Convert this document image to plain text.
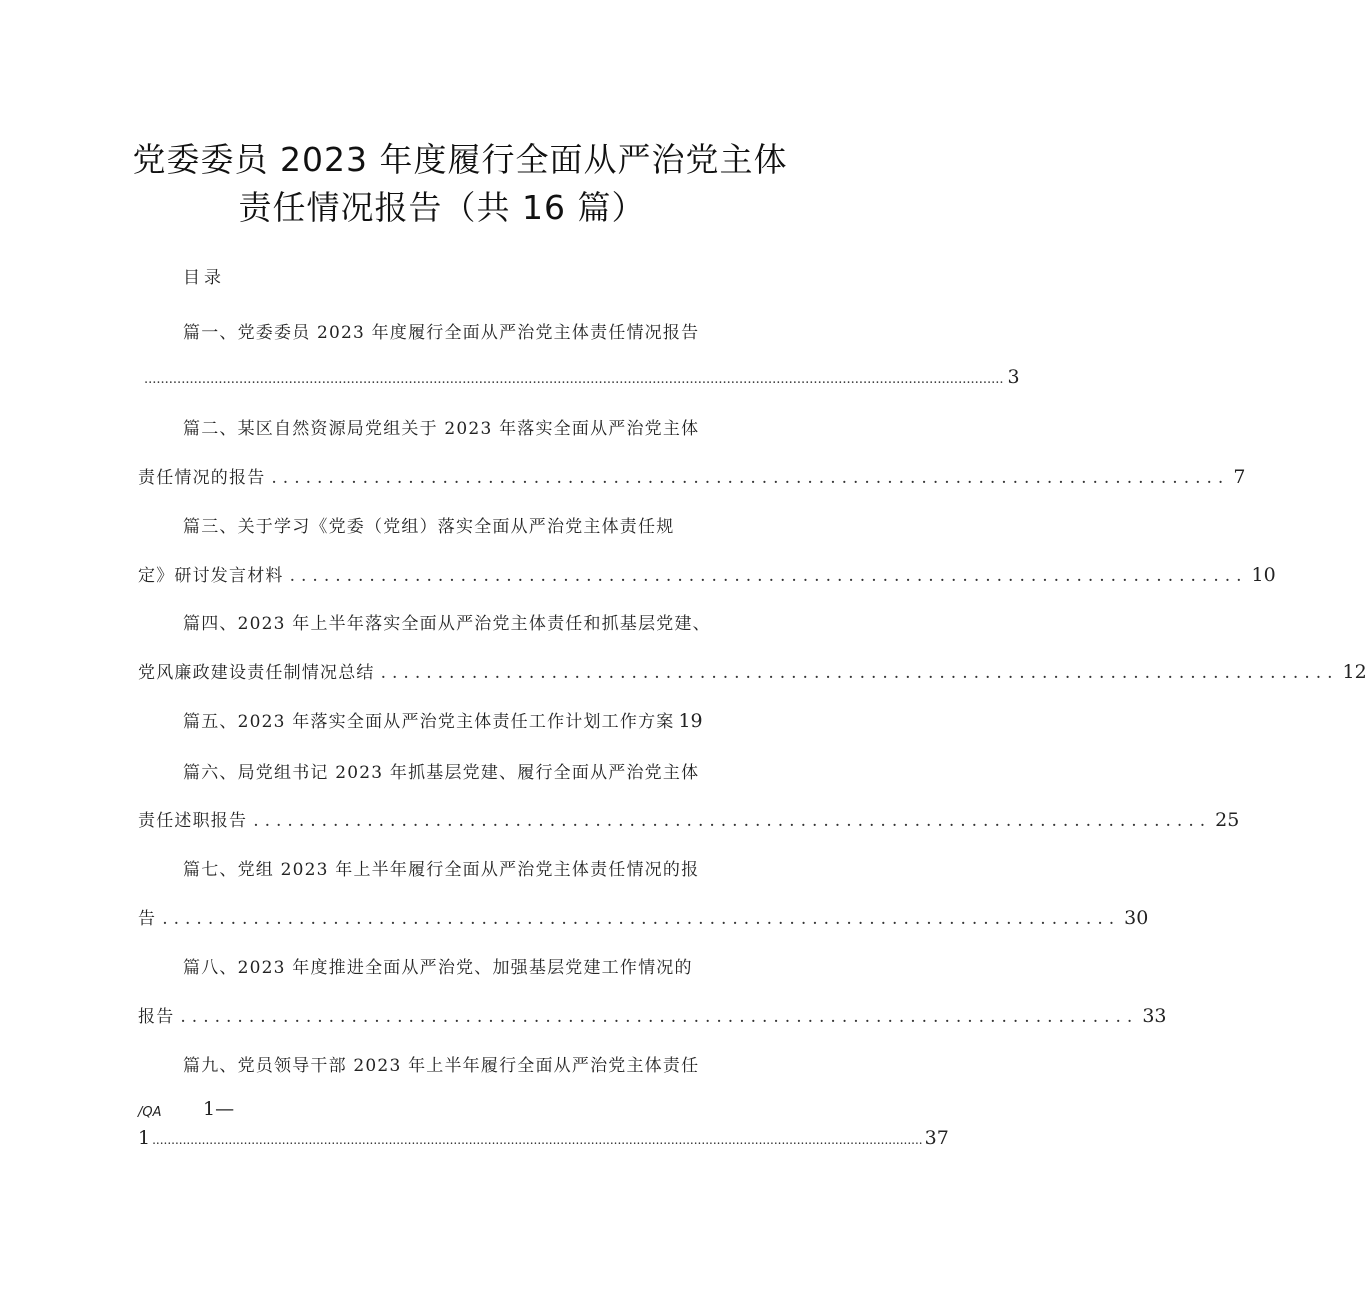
党委委员 2023 年度履行全面从严治党主体
责任情况报告（共 16 篇）
目录
篇一、党委委员 2023 年度履行全面从严治党主体责任情况报告
................................................................................................................................................................................................................ 3
篇二、某区自然资源局党组关于 2023 年落实全面从严治党主体
责任情况的报告 .................................................................................... 7
篇三、关于学习《党委（党组）落实全面从严治党主体责任规
定》研讨发言材料 .................................................................................... 10
篇四、2023 年上半年落实全面从严治党主体责任和抓基层党建、
党风廉政建设责任制情况总结 .................................................................................... 12
篇五、2023 年落实全面从严治党主体责任工作计划工作方案 19
篇六、局党组书记 2023 年抓基层党建、履行全面从严治党主体
责任述职报告 .................................................................................... 25
篇七、党组 2023 年上半年履行全面从严治党主体责任情况的报
告 .................................................................................... 30
篇八、2023 年度推进全面从严治党、加强基层党建工作情况的
报告 .................................................................................... 33
篇九、党员领导干部 2023 年上半年履行全面从严治党主体责任
/QA 1—
1 .......................................................................................................................................................................................................... 37
